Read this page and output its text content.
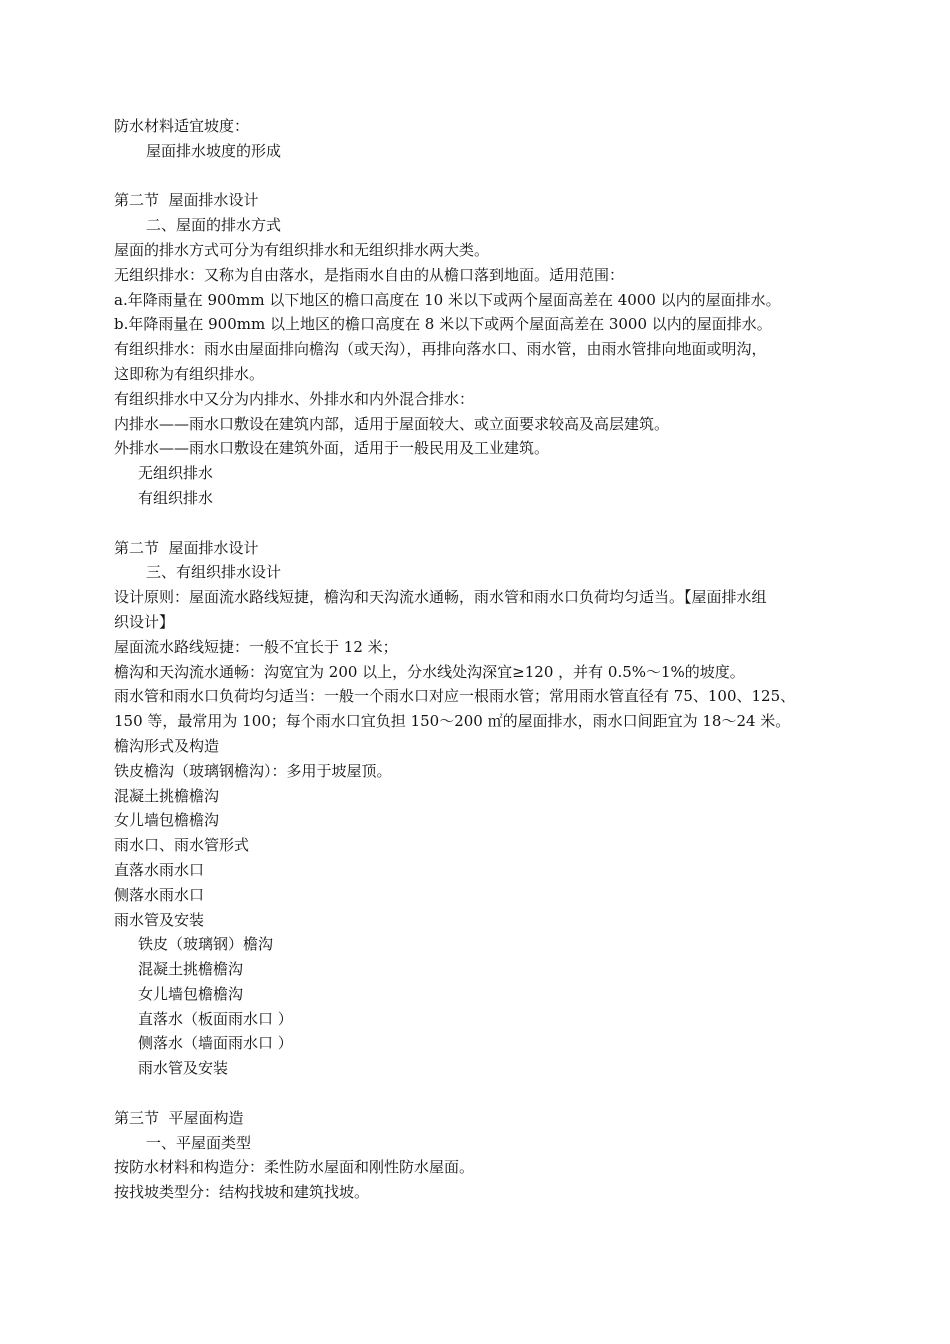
防水材料适宜坡度：

屋面排水坡度的形成

第二节  屋面排水设计

二、屋面的排水方式

屋面的排水方式可分为有组织排水和无组织排水两大类。

无组织排水：又称为自由落水，是指雨水自由的从檐口落到地面。适用范围：

a.年降雨量在 900mm 以下地区的檐口高度在 10 米以下或两个屋面高差在 4000 以内的屋面排水。

b.年降雨量在 900mm 以上地区的檐口高度在 8 米以下或两个屋面高差在 3000 以内的屋面排水。

有组织排水：雨水由屋面排向檐沟（或天沟），再排向落水口、雨水管，由雨水管排向地面或明沟，

这即称为有组织排水。

有组织排水中又分为内排水、外排水和内外混合排水：

内排水——雨水口敷设在建筑内部，适用于屋面较大、或立面要求较高及高层建筑。

外排水——雨水口敷设在建筑外面，适用于一般民用及工业建筑。

无组织排水

有组织排水

第二节  屋面排水设计

三、有组织排水设计

设计原则：屋面流水路线短捷，檐沟和天沟流水通畅，雨水管和雨水口负荷均匀适当。【屋面排水组

织设计】

屋面流水路线短捷：一般不宜长于 12 米；

檐沟和天沟流水通畅：沟宽宜为 200 以上，分水线处沟深宜≥120 ，并有 0.5%～1%的坡度。

雨水管和雨水口负荷均匀适当：一般一个雨水口对应一根雨水管；常用雨水管直径有 75、100、125、

150 等，最常用为 100；每个雨水口宜负担 150～200 ㎡的屋面排水，雨水口间距宜为 18～24 米。

檐沟形式及构造

铁皮檐沟（玻璃钢檐沟）：多用于坡屋顶。

混凝土挑檐檐沟

女儿墙包檐檐沟

雨水口、雨水管形式

直落水雨水口

侧落水雨水口

雨水管及安装

铁皮（玻璃钢）檐沟

混凝土挑檐檐沟

女儿墙包檐檐沟

直落水（板面雨水口 ）

侧落水（墙面雨水口 ）

雨水管及安装

第三节  平屋面构造

一、平屋面类型

按防水材料和构造分：柔性防水屋面和刚性防水屋面。

按找坡类型分：结构找坡和建筑找坡。
